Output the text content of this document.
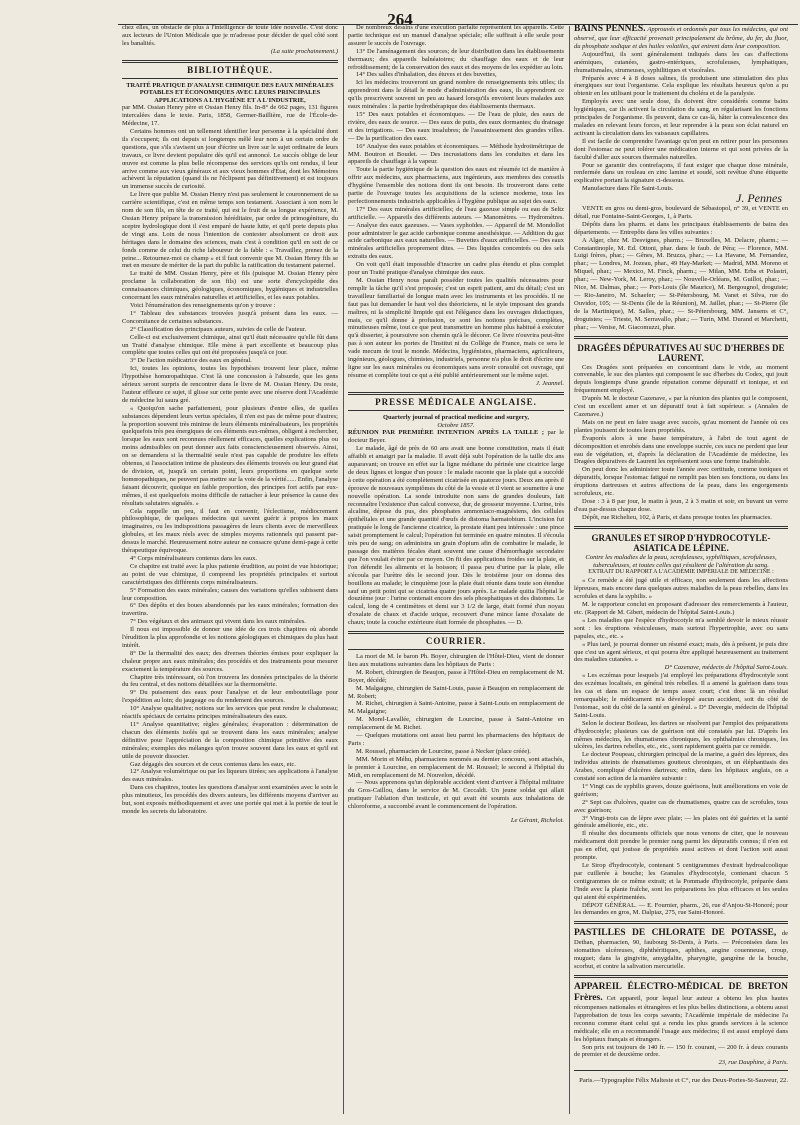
264

chez elles, un obstacle de plus à l'intelligence de toute idée nouvelle. C'est donc aux lecteurs de l'Union Médicale que je m'adresse pour décider de quel côté sont les banalités.

(La suite prochainement.)

BIBLIOTHÈQUE.
TRAITÉ PRATIQUE D'ANALYSE CHIMIQUE DES EAUX MINÉRALES POTABLES ET ÉCONOMIQUES AVEC LEURS PRINCIPALES APPLICATIONS A L'HYGIÈNE ET A L'INDUSTRIE,

par MM. Ossian Henry père et Ossian Henry fils. In-8° de 662 pages, 131 figures intercalées dans le texte. Paris, 1858, Germer-Baillière, rue de l'École-de-Médecine, 17.

Certains hommes ont un tellement identifier leur personne à la spécialité dont ils s'occupent; ils ont depuis si longtemps mêlé leur nom à un certain ordre de questions, que s'ils s'avisent un jour d'écrire un livre sur le sujet ordinaire de leurs travaux, ce livre devient populaire dès qu'il est annoncé. Le succès oblige de leur œuvre est comme la plus belle récompense des services qu'ils ont rendus, il leur arrive comme aux vieux généraux et aux vieux hommes d'État, dont les Mémoires achèvent la réputation (quand ils ne l'éclipsent pas définitivement) et est toujours un immense succès de curiosité.

Le livre que publie M. Ossian Henry n'est pas seulement le couronnement de sa carrière scientifique, c'est en même temps son testament. Associant à son nom le nom de son fils, en tête de ce traité, qui est le fruit de sa longue expérience, M. Ossian Henry prépare la transmission héréditaire, par ordre de primogéniture, du sceptre hydrologique dont il s'est emparé de haute lutte, et qu'il porte depuis plus de vingt ans. Loin de nous l'intention de contester absolument ce droit aux héritages dans le domaine des sciences, mais c'est à condition qu'il en soit de ce fonds comme de celui du riche laboureur de la fable : « Travaillez, prenez de la peine... Retournez-moi ce champ » et il faut convenir que M. Ossian Henry fils se met en mesure de mériter de la part du public la ratification du testament paternel.

Le traité de MM. Ossian Henry, père et fils (puisque M. Ossian Henry père proclame la collaboration de son fils) est une sorte d'encyclopédie des connaissances chimiques, géologiques, économiques, hygiéniques et industrielles concernant les eaux minérales naturelles et artificielles, et les eaux potables.

Voici l'énumération des renseignements qu'on y trouve :

1° Tableau des substances trouvées jusqu'à présent dans les eaux. — Concomitance de certaines substances.

2° Classification des principaux auteurs, suivies de celle de l'auteur.

Celle-ci est exclusivement chimique, ainsi qu'il était nécessaire qu'elle fût dans un Traité d'analyse chimique. Elle mène à part excellente et beaucoup plus complète que toutes celles qui ont été proposées jusqu'à ce jour.

3° De l'action médicatrice des eaux en général.

Ici, toutes les opinions, toutes les hypothèses trouvent leur place, même l'hypothèse homœopathique. C'est là une concession à l'absurde, que les gens sérieux seront surpris de rencontrer dans le livre de M. Ossian Henry. Du reste, l'auteur effleure ce sujet, il glisse sur cette pente avec une réserve dont l'Académie de médecine lui saura gré.

« Quoiqu'on sache parfaitement, pour plusieurs d'entre elles, de quelles substances dépendent leurs vertus spéciales, il n'en est pas de même pour d'autres; la proportion souvent très minime de leurs éléments minéralisateurs, les propriétés quelquefois très peu énergiques de ces éléments eux-mêmes, obligent à rechercher, lorsque les eaux sont reconnues réellement efficaces, quelles explications plus ou moins admissibles on peut donner aux faits consciencieusement observés. Ainsi, on se demandera si la thermalité seule n'est pas capable de produire les effets obtenus, si l'association intime de plusieurs des éléments trouvés ou leur grand état de division, et, jusqu'à un certain point, leurs proportions en quelque sorte homœopathiques, ne peuvent pas mettre sur la voie de la vérité...... Enfin, l'analyse faisant découvrir, quoique en faible proportion, des principes fort actifs par eux-mêmes, il est quelquefois moins difficile de rattacher à leur présence la cause des résultats salutaires signalés. »

Cela rappelle un peu, il faut en convenir, l'éclectisme, médiocrement philosophique, de quelques médecins qui savent guérir à propos les maux imaginaires, ou les indispositions passagères de leurs clients avec de merveilleux globules, et les maux réels avec de simples moyens rationnels qui passent par-dessus le marché. Heureusement notre auteur ne consacre qu'une demi-page à cette thérapeutique équivoque.

4° Corps minéralisateurs contenus dans les eaux.

Ce chapitre est traité avec la plus patiente érudition, au point de vue historique; au point de vue chimique, il comprend les propriétés principales et surtout caractéristiques des différents corps minéralisateurs.

5° Formation des eaux minérales; causes des variations qu'elles subissent dans leur composition.

6° Des dépôts et des boues abandonnés par les eaux minérales; formation des travertins.

7° Des végétaux et des animaux qui vivent dans les eaux minérales.

Il nous est impossible de donner une idée de ces trois chapitres où abonde l'érudition la plus approfondie et les notions géologiques et chimiques du plus haut intérêt.

8° De la thermalité des eaux; des diverses théories émises pour expliquer la chaleur propre aux eaux minérales; des procédés et des instruments pour mesurer exactement la température des sources.

Chapitre très intéressant, où l'on trouvera les données principales de la théorie du feu central, et des notions détaillées sur la thermométrie.

9° Du puisement des eaux pour l'analyse et de leur embouteillage pour l'expédition au loin; du jaugeage ou du rendement des sources.

10° Analyse qualitative; notions sur les services que peut rendre le chalumeau; réactifs spéciaux de certains principes minéralisateurs des eaux.

11° Analyse quantitative; règles générales; évaporation : détermination de chacun des éléments isolés qui se trouvent dans les eaux minérales; analyse définitive pour l'appréciation de la composition chimique primitive des eaux minérales; exemples des mélanges qu'on trouve souvent dans les eaux et qu'il est utile de pouvoir dissocier.

Gaz dégagés des sources et de ceux contenus dans les eaux, etc.

12° Analyse volumétrique ou par les liqueurs titrées; ses applications à l'analyse des eaux minérales.

Dans ces chapitres, toutes les questions d'analyse sont examinées avec le soin le plus minutieux, les procédés des divers auteurs, les différents moyens d'arriver au but, sont exposés méthodiquement et avec une portée qui met à la portée de tout le monde les secrets du laboratoire.

De nombreux dessins d'une exécution parfaite représentent les appareils. Cette partie technique est un manuel d'analyse spéciale; elle suffirait à elle seule pour assurer le succès de l'ouvrage.

13° De l'aménagement des sources; de leur distribution dans les établissements thermaux; des appareils balnéatoires; du chauffage des eaux et de leur refroidissement; de la conservation des eaux et des moyens de les expédier au loin.

14° Des salles d'inhalation, des étuves et des buvettes,

Ici les médecins trouveront un grand nombre de renseignements très utiles; ils apprendront dans le détail le mode d'administration des eaux, ils apprendront ce qu'ils prescrivent souvent un peu au hasard lorsqu'ils envoient leurs malades aux eaux minérales : la partie hydrothérapique des établissements thermaux.

15° Des eaux potables et économiques. — De l'eau de pluie, des eaux de rivière, des eaux de source. — Des eaux de puits, des eaux dormantes; du drainage et des irrigations. — Des eaux insalubres; de l'assainissement des grandes villes. — De la purification des eaux.

16° Analyse des eaux potables et économiques. — Méthode hydrotimétrique de MM. Boutron et Boudet. — Des incrustations dans les conduites et dans les appareils de chauffage à la vapeur.

Toute la partie hygiénique de la question des eaux est résumée ici de manière à offrir aux médecins, aux pharmaciens, aux ingénieurs, aux membres des conseils d'hygiène l'ensemble des notions dont ils ont besoin. Ils trouveront dans cette partie de l'ouvrage toutes les acquisitions de la science moderne, tous les perfectionnements industriels applicables à l'hygiène publique au sujet des eaux.

17° Des eaux minérales artificielles; de l'eau gazeuse simple ou eau de Seltz artificielle. — Appareils des différents auteurs. — Manomètres. — Hydromètres. — Analyse des eaux gazeuses. — Vases syphoïdes. — Appareil de M. Mondollot pour administrer le gaz acide carbonique comme anesthésique. — Addition du gaz acide carbonique aux eaux naturelles. — Buvettes d'eaux artificielles. — Des eaux minérales artificielles proprement dites. — Des liquides concentrés ou des sels extraits des eaux.

On voit qu'il était impossible d'inscrire un cadre plus étendu et plus complet pour un Traité pratique d'analyse chimique des eaux.

M. Ossian Henry nous paraît posséder toutes les qualités nécessaires pour remplir la tâche qu'il s'est proposée; c'est un esprit patient, ami du détail; c'est un travailleur familiarisé de longue main avec les instruments et les procédés. Il ne faut pas lui demander le haut vol des théoriciens, ni le style imposant des grands maîtres, ni la simplicité limpide qui est l'élégance dans les ouvrages didactiques, mais, ce qu'il donne à profusion, ce sont les notions précises, complètes, minutieuses même, tout ce que peut transmettre un homme plus habitué à exécuter qu'à disserter, à poursuivre son chemin qu'à le décorer. Ce livre n'ouvrira peut-être pas à son auteur les portes de l'Institut ni du Collège de France, mais ce sera le vade mecum de tout le monde. Médecins, hygiénistes, pharmaciens, agriculteurs, ingénieurs, géologues, chimistes, industriels, personne n'a plus le droit d'écrire une ligne sur les eaux minérales ou économiques sans avoir consulté cet ouvrage, qui résume et complète tout ce qui a été publié antérieurement sur le même sujet.

J. Jeannel.

PRESSE MÉDICALE ANGLAISE.

Quarterly journal of practical medicine and surgery,

Octobre 1857.

RÉUNION PAR PREMIÈRE INTENTION APRÈS LA TAILLE ; par le docteur Beyer.

Le malade, âgé de près de 60 ans avait une bonne constitution, mais il était affaibli et amaigri par la maladie. Il avait déjà subi l'opération de la taille dix ans auparavant; on trouve en effet sur la ligne médiane du périnée une cicatrice large de deux lignes et longue d'un pouce : le malade raconte que la plaie qui a succédé à cette opération a été complètement cicatrisée en quatorze jours. Deux ans après il éprouve de nouveaux symptômes du côté de la vessie et il vient se soumettre à une nouvelle opération. La sonde introduite non sans de grandes douleurs, fait reconnaître l'existence d'un calcul convexe, dur, de grosseur moyenne. L'urine, très alcaline, dépose du pus, des phosphates ammoniaco-magnésiens, des cellules épithéliales et une grande quantité d'œufs de distoma hæmatobium. L'incision fut pratiquée le long de l'ancienne cicatrice, la prostate étant peu intéressée : une pince saisit promptement le calcul; l'opération fut terminée en quatre minutes. Il s'écoula très peu de sang; on administra un grain d'opium afin de combattre le malade, le passage des matières fécales étant souvent une cause d'hémorrhagie secondaire que l'on voulait éviter par ce moyen. On fit des applications froides sur la plaie, et l'on défendit les aliments et la boisson; il passa peu d'urine par la plaie, elle s'écoula par l'urètre dès le second jour. Dès le troisième jour on donna des bouillons au malade; le cinquième jour la plaie était réunie dans toute son étendue sauf un petit point qui se cicatrisa quatre jours après. Le malade quitta l'hôpital le douzième jour : l'urine contenait encore des sels phosphatiques et des distomes. Le calcul, long de 4 centimètres et demi sur 3 1/2 de large, était formé d'un noyau d'oxalate de chaux et d'acide urique, recouvert d'une mince lame d'oxalate de chaux; toute la couche extérieure était formée de phosphates. — D.

COURRIER.

La mort de M. le baron Ph. Boyer, chirurgien de l'Hôtel-Dieu, vient de donner lieu aux mutations suivantes dans les hôpitaux de Paris :

M. Robert, chirurgien de Beaujon, passe à l'Hôtel-Dieu en remplacement de M. Boyer, décédé;

M. Malgaigne, chirurgien de Saint-Louis, passe à Beaujon en remplacement de M. Robert;

M. Richet, chirurgien à Saint-Antoine, passe à Saint-Louis en remplacement de M. Malgaigne;

M. Morel-Lavallée, chirurgien de Lourcine, passe à Saint-Antoine en remplacement de M. Richet.

— Quelques mutations ont aussi lieu parmi les pharmaciens des hôpitaux de Paris :

M. Roussel, pharmacien de Lourcine, passe à Necker (place créée).

MM. Morin et Méhu, pharmaciens nommés au dernier concours, sont attachés, le premier à Lourcine, en remplacement de M. Roussel; le second à l'hôpital du Midi, en remplacement de M. Nouvelon, décédé.

— Nous apprenons qu'un déplorable accident vient d'arriver à l'hôpital militaire du Gros-Caillou, dans le service de M. Ceccaldi. Un jeune soldat qui allait pratiquer l'ablation d'un testicule, et qui avait été soumis aux inhalations de chloroforme, a succombé avant le commencement de l'opération.

Le Gérant, Richelot.

BAINS PENNES. Approuvés et ordonnés par tous les médecins, qui ont observé, que leur efficacité provenait principalement du brôme, du fer, du fluor, du phosphate sodique et des huiles volatiles, qui entrent dans leur composition.

Aujourd'hui, ils sont généralement indiqués dans les cas d'affections anémiques, cutanées, gastro-entériques, scrofuleuses, lymphatiques, rhumatismales, strumeuses, syphilitiques et viscérales.

Préparés avec 4 à 8 doses salines, ils produisent une stimulation des plus énergiques sur tout l'organisme. Cela explique les résultats heureux qu'on a pu obtenir en les utilisant pour le traitement du choléra et de la paralysie.

Employés avec une seule dose, ils doivent être considérés comme bains hygiéniques, car ils activent la circulation du sang, en régularisant les fonctions principales de l'organisme. Ils peuvent, dans ce cas-là, hâter la convalescence des malades en relevant leurs forces, et leur reprendre à la peau son éclat naturel en activant la circulation dans les vaisseaux capillaires.

Il est facile de comprendre l'avantage qu'on peut en retirer pour les personnes dont l'estomac ne peut tolérer une médication interne et qui sont privées de la faculté d'aller aux sources thermales naturelles.

Pour se garantir des contrefaçons, il faut exiger que chaque dose minérale, renfermée dans un rouleau en zinc lamine et soudé, soit revêtue d'une étiquette explicative portant la signature ci-dessous.

Manufacture dans l'île Saint-Louis.

J. Pennes

VENTE en gros ou demi-gros, boulevard de Sébastopol, n° 39, et VENTE en détail, rue Fontaine-Saint-Georges, 1, à Paris.

Dépôts dans les pharm. et dans les principaux établissements de bains des départements. — Entrepôts dans les villes suivantes :

A Alger, chez M. Desvignes, pharm.; — Bruxelles, M. Delacre, pharm.; — Constantinople, M. Ed. Ottoni, phar. dans le faub. de Péra; — Florence, MM. Luigi frères, phar.; — Gênes, M. Bruzza, phar.; — La Havane, M. Fernandez, phar.; — Londres, M. Jozeau, phar., 49 Hay-Market; — Madrid, MM. Moreno et Miquel, phar.; — Mexico, M. Finck, pharm.; — Milan, MM. Erba et Polastri, phar.; — New-York, M. Leroy, phar.; — Nouvelle-Orléans, M. Guillot, phar.; — Nice, M. Dalmas, phar.; — Port-Louis (île Maurice), M. Bergougnol, droguiste; — Rio-Janeiro, M. Schaefer; — St-Pétersbourg, M. Vanet et Silva, rue do Ouvidor, 105; — St-Denis (île de la Réunion), M. Jaillet, phar.; — St-Pierre (île de la Martinique), M. Salles, phar.; — St-Pétersbourg, MM. Jansens et C°, droguistes; — Trieste, M. Serravallo, phar.; — Turin, MM. Durand et Marchetti, phar.; — Venise, M. Giacomuzzi, phar.

DRAGÉES DÉPURATIVES AU SUC D'HERBES DE LAURENT.

Ces Dragées sont préparées en concentrant dans le vide, au moment convenable, le suc des plantes qui composent le suc d'herbes du Codex, qui jouit depuis longtemps d'une grande réputation comme dépuratif et tonique, et est fréquemment employé.

D'après M. le docteur Cazenave, « par la réunion des plantes qui le composent, c'est un excellent amer et un dépuratif tout à fait supérieur. » (Annales de Cazenave.)

Mais on ne peut en faire usage avec succès, qu'au moment de l'année où ces plantes jouissent de toutes leurs propriétés.

Évaporés alors à une basse température, à l'abri de tout agent de décomposition et enrobés dans une enveloppe sucrée, ces sucs ne perdent que leur eau de végétation, et, d'après la déclaration de l'Académie de médecine, les Dragées dépuratives de Laurent les représentent sous une forme inaltérable.

On peut donc les administrer toute l'année avec certitude, comme toniques et dépuratifs, lorsque l'estomac fatigué ne remplit pas bien ses fonctions, ou dans les éruptions dartreuses et autres affections de la peau, dans les engorgements scrofuleux, etc.

Dose : 3 à 8 par jour, le matin à jeun, 2 à 3 matin et soir, en buvant un verre d'eau par-dessus chaque dose.

Dépôt, rue Richelieu, 102, à Paris, et dans presque toutes les pharmacies.

GRANULES ET SIROP D'HYDROCOTYLE-ASIATICA DE LÉPINE.
Contre les maladies de la peau, scrofuleuses, syphilitiques, scrofuleuses, tuberculeuses, et toutes celles qui résultent de l'altération du sang.

EXTRAIT DU RAPPORT A L'ACADÉMIE IMPÉRIALE DE MÉDECINE :

« Ce remède a été jugé utile et efficace, non seulement dans les affections lépreuses, mais encore dans quelques autres maladies de la peau rebelles, dans les scrofules et dans la syphilis. »

M. le rapporteur conclut en proposant d'adresser des remerciements à l'auteur, etc. (Rapport de M. Gibert, médecin de l'hôpital Saint-Louis.)

« Les maladies que l'espèce d'hydrocotyle m'a semblé devoir le mieux réussir sont : les éruptions vésiculeuses, mais surtout l'hypertrophie, avec ou sans papules, etc., etc. »

« Plus tard, je pourrai donner un résumé exact; mais, dès à présent, je puis dire que c'est un agent sérieux, et qui pourra être appliqué heureusement au traitement des maladies cutanées. »

D° Cazenave, médecin de l'hôpital Saint-Louis.

« Les eczémas pour lesquels j'ai employé les préparations d'hydrocotyle sont des eczémas localisés, en général très rebelles. Il a amené la guérison dans tous les cas et dans un espace de temps assez court; c'est donc là un résultat remarquable; le médicament m'a développé aucun accident, soit du côté de l'estomac, soit du côté de la santé en général. » D° Devergie, médecin de l'hôpital Saint-Louis.

Selon le docteur Boileau, les dartres se résolvent par l'emploi des préparations d'hydrocotyle; plusieurs cas de guérison ont été constatés par lui. D'après les mêmes médecins, les rhumatismes chroniques, les ophthalmies chroniques, les ulcères, les dartres rebelles, etc., etc., sont rapidement guéris par ce remède.

Le docteur Poupeau, chirurgien principal de la marine, a guéri des lépreux, des individus atteints de rhumatismes goutteux chroniques, et un éléphantiasis des Arabes, compliqué d'ulcères dartreux; enfin, dans les hôpitaux anglais, on a constaté son action de la manière suivante :

1° Vingt cas de syphilis graves, douze guérisons, huit améliorations en voie de guérison;

2° Sept cas d'ulcères, quatre cas de rhumatismes, quatre cas de scrofules, tous avec guérison;

3° Vingt-trois cas de lèpre avec plaie; — les plaies ont été guéries et la santé générale améliorée, etc., etc.

Il résulte des documents officiels que nous venons de citer, que le nouveau médicament doit prendre le premier rang parmi les dépuratifs connus; il n'en est pas en effet, qui jouisse de propriétés aussi actives et dont l'action soit aussi prompte.

Le Sirop d'hydrocotyle, contenant 5 centigrammes d'extrait hydroalcoolique par cuillerée à bouche; les Granules d'hydrocotyle, contenant chacun 5 centigrammes de ce même extrait; et la Pommade d'hydrocotyle, préparée dans l'Inde avec la plante fraîche, sont les préparations les plus efficaces et les seules qui aient été expérimentées.

DÉPOT GÉNÉRAL. — E. Fournier, pharm., 26, rue d'Anjou-St-Honoré; pour les demandes en gros, M. Dalpiaz, 275, rue Saint-Honoré.

PASTILLES DE CHLORATE DE POTASSE, de Dethan, pharmacien, 90, faubourg St-Denis, à Paris. — Préconisées dans les stomatites ulcéreuses, diphthéritiques, aphthes, angine couenneuse, croup, muguet; dans la gingivite, amygdalite, pharyngite, gangrène de la bouche, scorbut, et contre la salivation mercurielle.

APPAREIL ÉLECTRO-MÉDICAL DE BRETON Frères. Cet appareil, pour lequel leur auteur a obtenu les plus hautes récompenses nationales et étrangères et les plus belles distinctions, a obtenu aussi l'approbation de tous les corps savants; l'Académie impériale de médecine l'a reconnu comme étant celui qui a rendu les plus grands services à la science médicale; elle en a recommandé l'usage aux médecins; il est aussi employé dans les hôpitaux français et étrangers.

Son prix est toujours de 140 fr. — 150 fr. courant, — 200 fr. à deux courants de premier et de deuxième ordre.

23, rue Dauphine, à Paris.

Paris.—Typographie Félix Malteste et C°, rue des Deux-Portes-St-Sauveur, 22.
